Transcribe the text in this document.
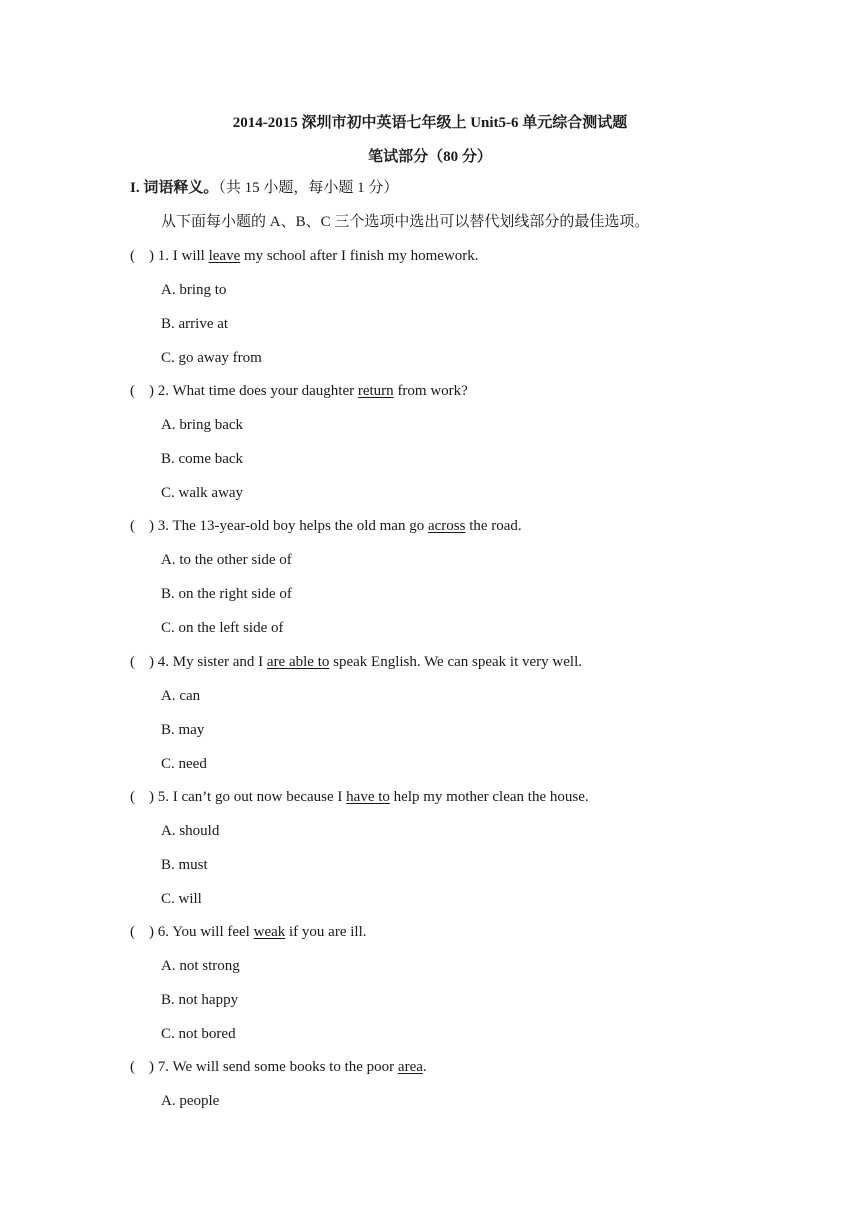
2014-2015 深圳市初中英语七年级上 Unit5-6 单元综合测试题
笔试部分（80 分）
I. 词语释义。（共 15 小题，每小题 1 分）
从下面每小题的 A、B、C 三个选项中选出可以替代划线部分的最佳选项。
( ) 1. I will leave my school after I finish my homework.
A. bring to
B. arrive at
C. go away from
( ) 2. What time does your daughter return from work?
A. bring back
B. come back
C. walk away
( ) 3. The 13-year-old boy helps the old man go across the road.
A. to the other side of
B. on the right side of
C. on the left side of
( ) 4. My sister and I are able to speak English. We can speak it very well.
A. can
B. may
C. need
( ) 5. I can’t go out now because I have to help my mother clean the house.
A. should
B. must
C. will
( ) 6. You will feel weak if you are ill.
A. not strong
B. not happy
C. not bored
( ) 7. We will send some books to the poor area.
A. people
